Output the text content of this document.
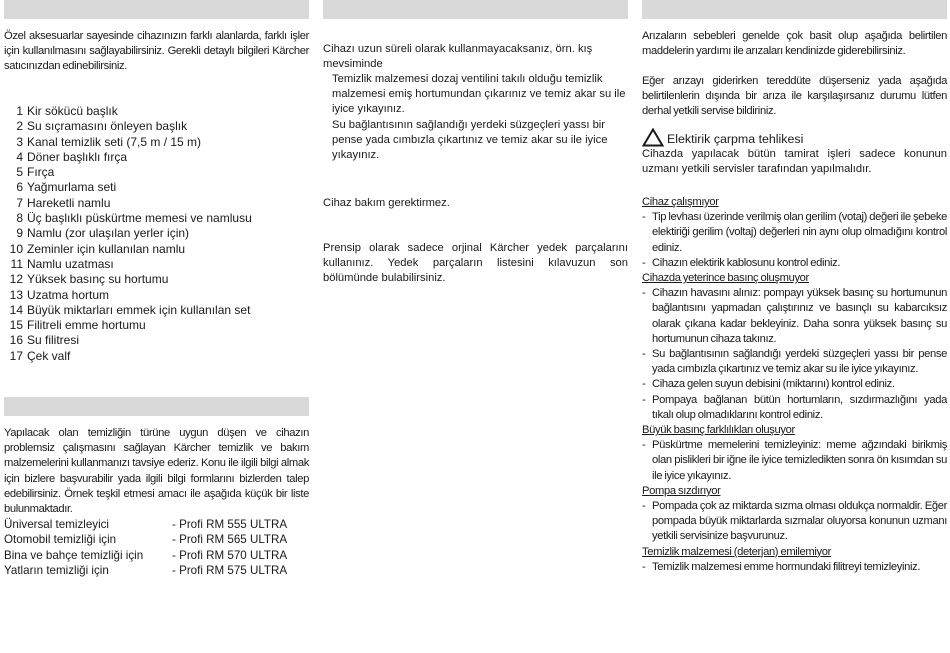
Özel aksesuarlar sayesinde cihazınızın farklı alanlarda, farklı işler için kullanılmasını sağlayabilirsiniz. Gerekli detaylı bilgileri Kärcher satıcınızdan edinebilirsiniz.

1 Kir sökücü başlık
2 Su sıçramasını önleyen başlık
3 Kanal temizlik seti (7,5 m / 15 m)
4 Döner başlıklı fırça
5 Fırça
6 Yağmurlama seti
7 Hareketli namlu
8 Üç başlıklı püskürtme memesi ve namlusu
9 Namlu (zor ulaşılan yerler için)
10 Zeminler için kullanılan namlu
11 Namlu uzatması
12 Yüksek basınç su hortumu
13 Uzatma hortum
14 Büyük miktarları emmek için kullanılan set
15 Filitreli emme hortumu
16 Su filitresi
17 Çek valf

Yapılacak olan temizliğin türüne uygun düşen ve cihazın problemsiz çalışmasını sağlayan Kärcher temizlik ve bakım malzemelerini kullanmanızı tavsiye ederiz. Konu ile ilgili bilgi almak için bizlere başvurabilir yada ilgili bilgi formlarını bizlerden talep edebilirsiniz. Örnek teşkil etmesi amacı ile aşağıda küçük bir liste bulunmaktadır.

Üniversal temizleyici	- Profi RM 555 ULTRA
Otomobil temizliği için	- Profi RM 565 ULTRA
Bina ve bahçe temizliği için	- Profi RM 570 ULTRA
Yatların temizliği için	- Profi RM 575 ULTRA

Cihazı uzun süreli olarak kullanmayacaksanız, örn. kış mevsiminde

Temizlik malzemesi dozaj ventilini takılı olduğu temizlik malzemesi emiş hortumundan çıkarınız ve temiz akar su ile iyice yıkayınız.

Su bağlantısının sağlandığı yerdeki süzgeçleri yassı bir pense yada cımbızla çıkartınız ve temiz akar su ile iyice yıkayınız.

Cihaz bakım gerektirmez.

Prensip olarak sadece orjinal Kärcher yedek parçalarını kullanınız. Yedek parçaların listesini kılavuzun son bölümünde bulabilirsiniz.

Arızaların sebebleri genelde çok basit olup aşağıda belirtilen maddelerin yardımı ile arızaları kendinizde giderebilirsiniz.

Eğer arızayı giderirken tereddüte düşerseniz yada aşağıda belirtilenlerin dışında bir arıza ile karşılaşırsanız durumu lütfen derhal yetkili servise bildiriniz.

Elektirik çarpma tehlikesi
Cihazda yapılacak bütün tamirat işleri sadece konunun uzmanı yetkili servisler tarafından yapılmalıdır.
Cihaz çalışmıyor
- Tip levhası üzerinde verilmiş olan gerilim (votaj) değeri ile şebeke elektiriği gerilim (voltaj) değerleri nin aynı olup olmadığını kontrol ediniz.
- Cihazın elektirik kablosunu kontrol ediniz.
Cihazda yeterince basınç oluşmuyor
- Cihazın havasını alınız: pompayı yüksek basınç su hortumunun bağlantısını yapmadan çalıştırınız ve basınçlı su kabarcıksız olarak çıkana kadar bekleyiniz. Daha sonra yüksek basınç su hortumunun cihaza takınız.
- Su bağlantısının sağlandığı yerdeki süzgeçleri yassı bir pense yada cımbızla çıkartınız ve temiz akar su ile iyice yıkayınız.
- Cihaza gelen suyun debisini (miktarını) kontrol ediniz.
- Pompaya bağlanan bütün hortumların, sızdırmazlığını yada tıkalı olup olmadıklarını kontrol ediniz.
Büyük basınç farklılıkları oluşuyor
- Püskürtme memelerini temizleyiniz: meme ağzındaki birikmiş olan pislikleri bir iğne ile iyice temizledikten sonra ön kısımdan su ile iyice yıkayınız.
Pompa sızdırıyor
- Pompada çok az miktarda sızma olması oldukça normaldir. Eğer pompada büyük miktarlarda sızmalar oluyorsa konunun uzmanı yetkili servisinize başvurunuz.
Temizlik malzemesi (deterjan) emilemiyor
- Temizlik malzemesi emme hormundaki filitreyi temizleyiniz.
